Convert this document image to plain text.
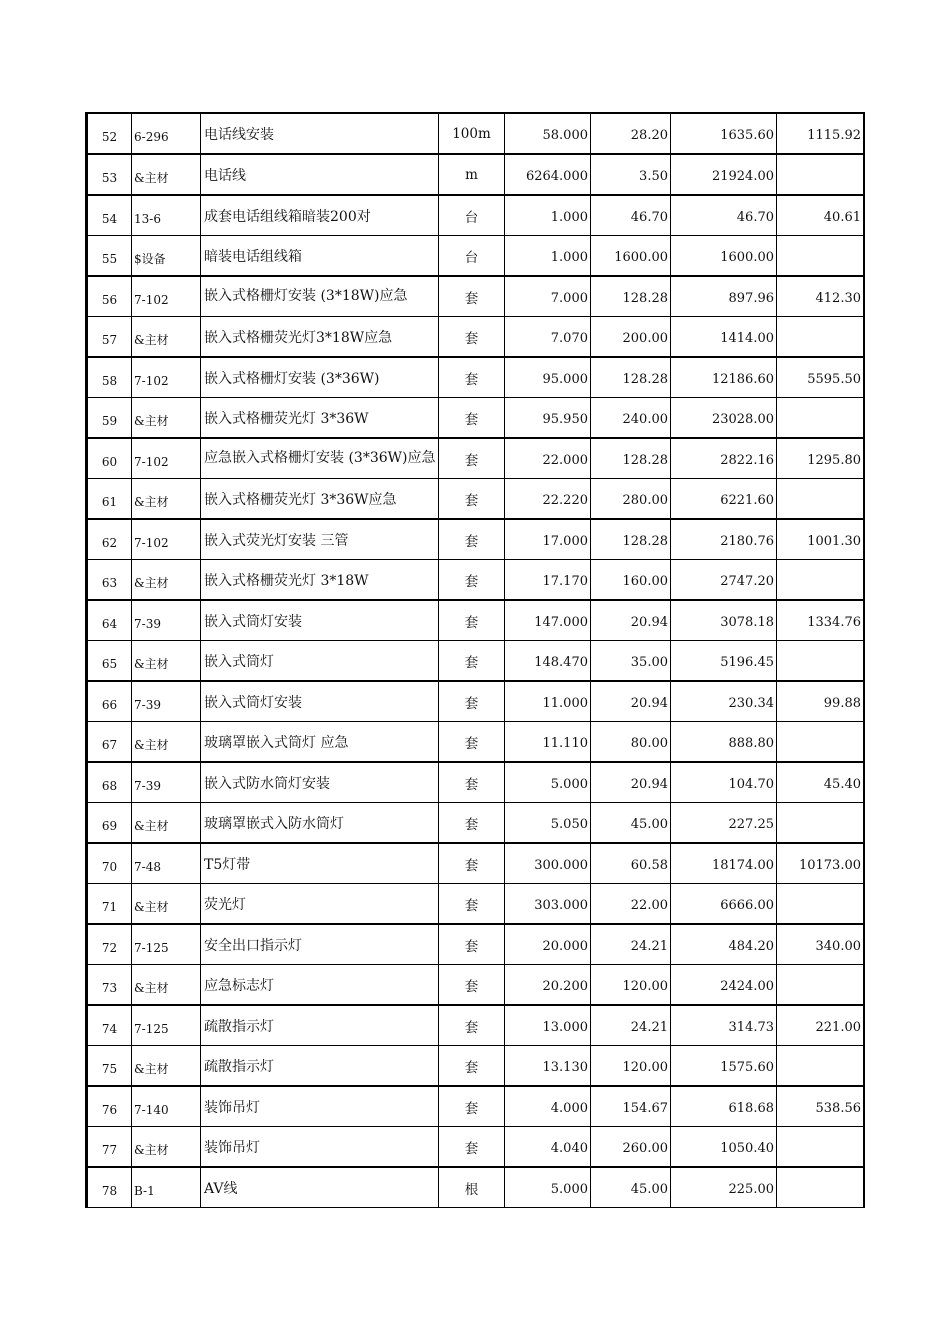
52	6-296	电话线安装	100m	58.000	28.20	1635.60	1115.92
53	&主材	电话线	m	6264.000	3.50	21924.00	
54	13-6	成套电话组线箱暗装200对	台	1.000	46.70	46.70	40.61
55	$设备	暗装电话组线箱	台	1.000	1600.00	1600.00	
56	7-102	嵌入式格栅灯安装 (3*18W)应急	套	7.000	128.28	897.96	412.30
57	&主材	嵌入式格栅荧光灯3*18W应急	套	7.070	200.00	1414.00	
58	7-102	嵌入式格栅灯安装 (3*36W)	套	95.000	128.28	12186.60	5595.50
59	&主材	嵌入式格栅荧光灯 3*36W	套	95.950	240.00	23028.00	
60	7-102	应急嵌入式格栅灯安装 (3*36W)应急	套	22.000	128.28	2822.16	1295.80
61	&主材	嵌入式格栅荧光灯 3*36W应急	套	22.220	280.00	6221.60	
62	7-102	嵌入式荧光灯安装 三管	套	17.000	128.28	2180.76	1001.30
63	&主材	嵌入式格栅荧光灯 3*18W	套	17.170	160.00	2747.20	
64	7-39	嵌入式筒灯安装	套	147.000	20.94	3078.18	1334.76
65	&主材	嵌入式筒灯	套	148.470	35.00	5196.45	
66	7-39	嵌入式筒灯安装	套	11.000	20.94	230.34	99.88
67	&主材	玻璃罩嵌入式筒灯 应急	套	11.110	80.00	888.80	
68	7-39	嵌入式防水筒灯安装	套	5.000	20.94	104.70	45.40
69	&主材	玻璃罩嵌式入防水筒灯	套	5.050	45.00	227.25	
70	7-48	T5灯带	套	300.000	60.58	18174.00	10173.00
71	&主材	荧光灯	套	303.000	22.00	6666.00	
72	7-125	安全出口指示灯	套	20.000	24.21	484.20	340.00
73	&主材	应急标志灯	套	20.200	120.00	2424.00	
74	7-125	疏散指示灯	套	13.000	24.21	314.73	221.00
75	&主材	疏散指示灯	套	13.130	120.00	1575.60	
76	7-140	装饰吊灯	套	4.000	154.67	618.68	538.56
77	&主材	装饰吊灯	套	4.040	260.00	1050.40	
78	B-1	AV线	根	5.000	45.00	225.00	
